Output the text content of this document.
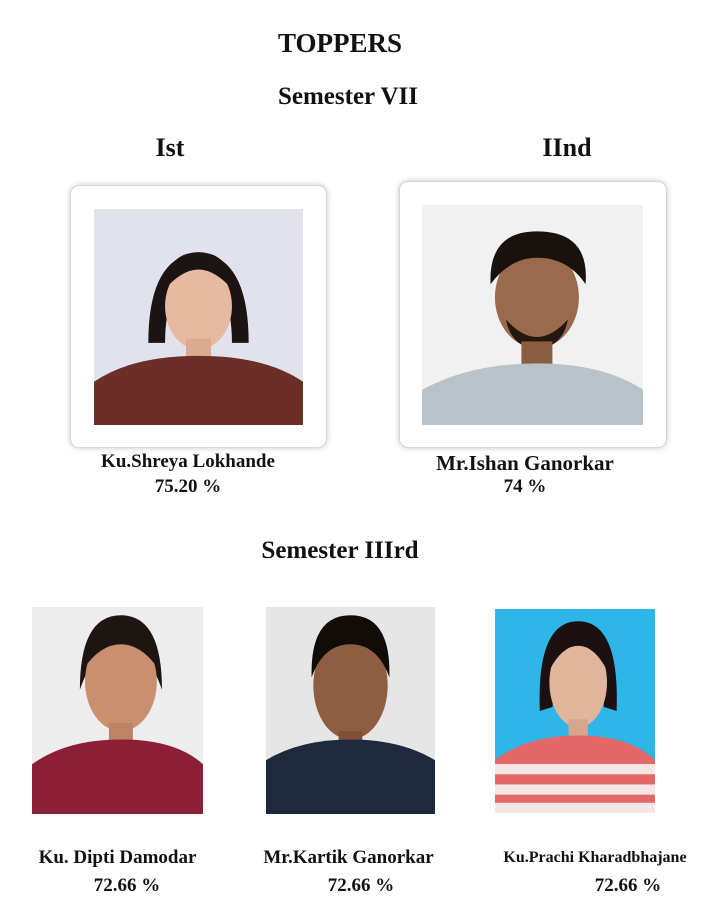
TOPPERS
Semester VII
Ist	IInd
Ku.Shreya Lokhande
75.20 %
Mr.Ishan Ganorkar
74 %
Semester IIIrd
Ku. Dipti Damodar
72.66 %
Mr.Kartik Ganorkar
72.66 %
Ku.Prachi Kharadbhajane
72.66 %
